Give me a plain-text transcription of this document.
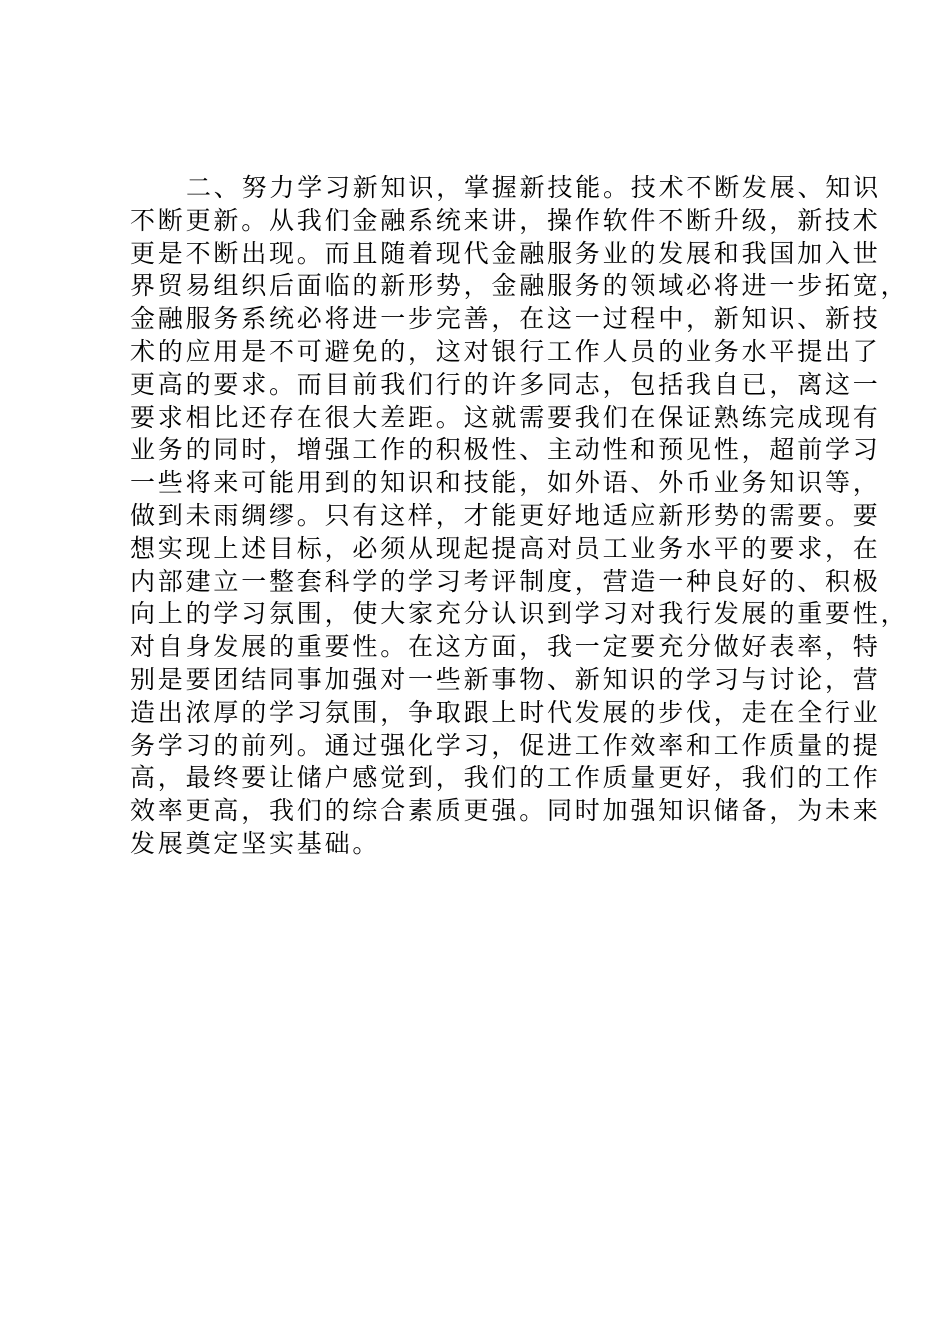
二、努力学习新知识，掌握新技能。技术不断发展、知识
不断更新。从我们金融系统来讲，操作软件不断升级，新技术
更是不断出现。而且随着现代金融服务业的发展和我国加入世
界贸易组织后面临的新形势，金融服务的领域必将进一步拓宽，
金融服务系统必将进一步完善，在这一过程中，新知识、新技
术的应用是不可避免的，这对银行工作人员的业务水平提出了
更高的要求。而目前我们行的许多同志，包括我自已，离这一
要求相比还存在很大差距。这就需要我们在保证熟练完成现有
业务的同时，增强工作的积极性、主动性和预见性，超前学习
一些将来可能用到的知识和技能，如外语、外币业务知识等，
做到未雨绸缪。只有这样，才能更好地适应新形势的需要。要
想实现上述目标，必须从现起提高对员工业务水平的要求，在
内部建立一整套科学的学习考评制度，营造一种良好的、积极
向上的学习氛围，使大家充分认识到学习对我行发展的重要性，
对自身发展的重要性。在这方面，我一定要充分做好表率，特
别是要团结同事加强对一些新事物、新知识的学习与讨论，营
造出浓厚的学习氛围，争取跟上时代发展的步伐，走在全行业
务学习的前列。通过强化学习，促进工作效率和工作质量的提
高，最终要让储户感觉到，我们的工作质量更好，我们的工作
效率更高，我们的综合素质更强。同时加强知识储备，为未来
发展奠定坚实基础。
